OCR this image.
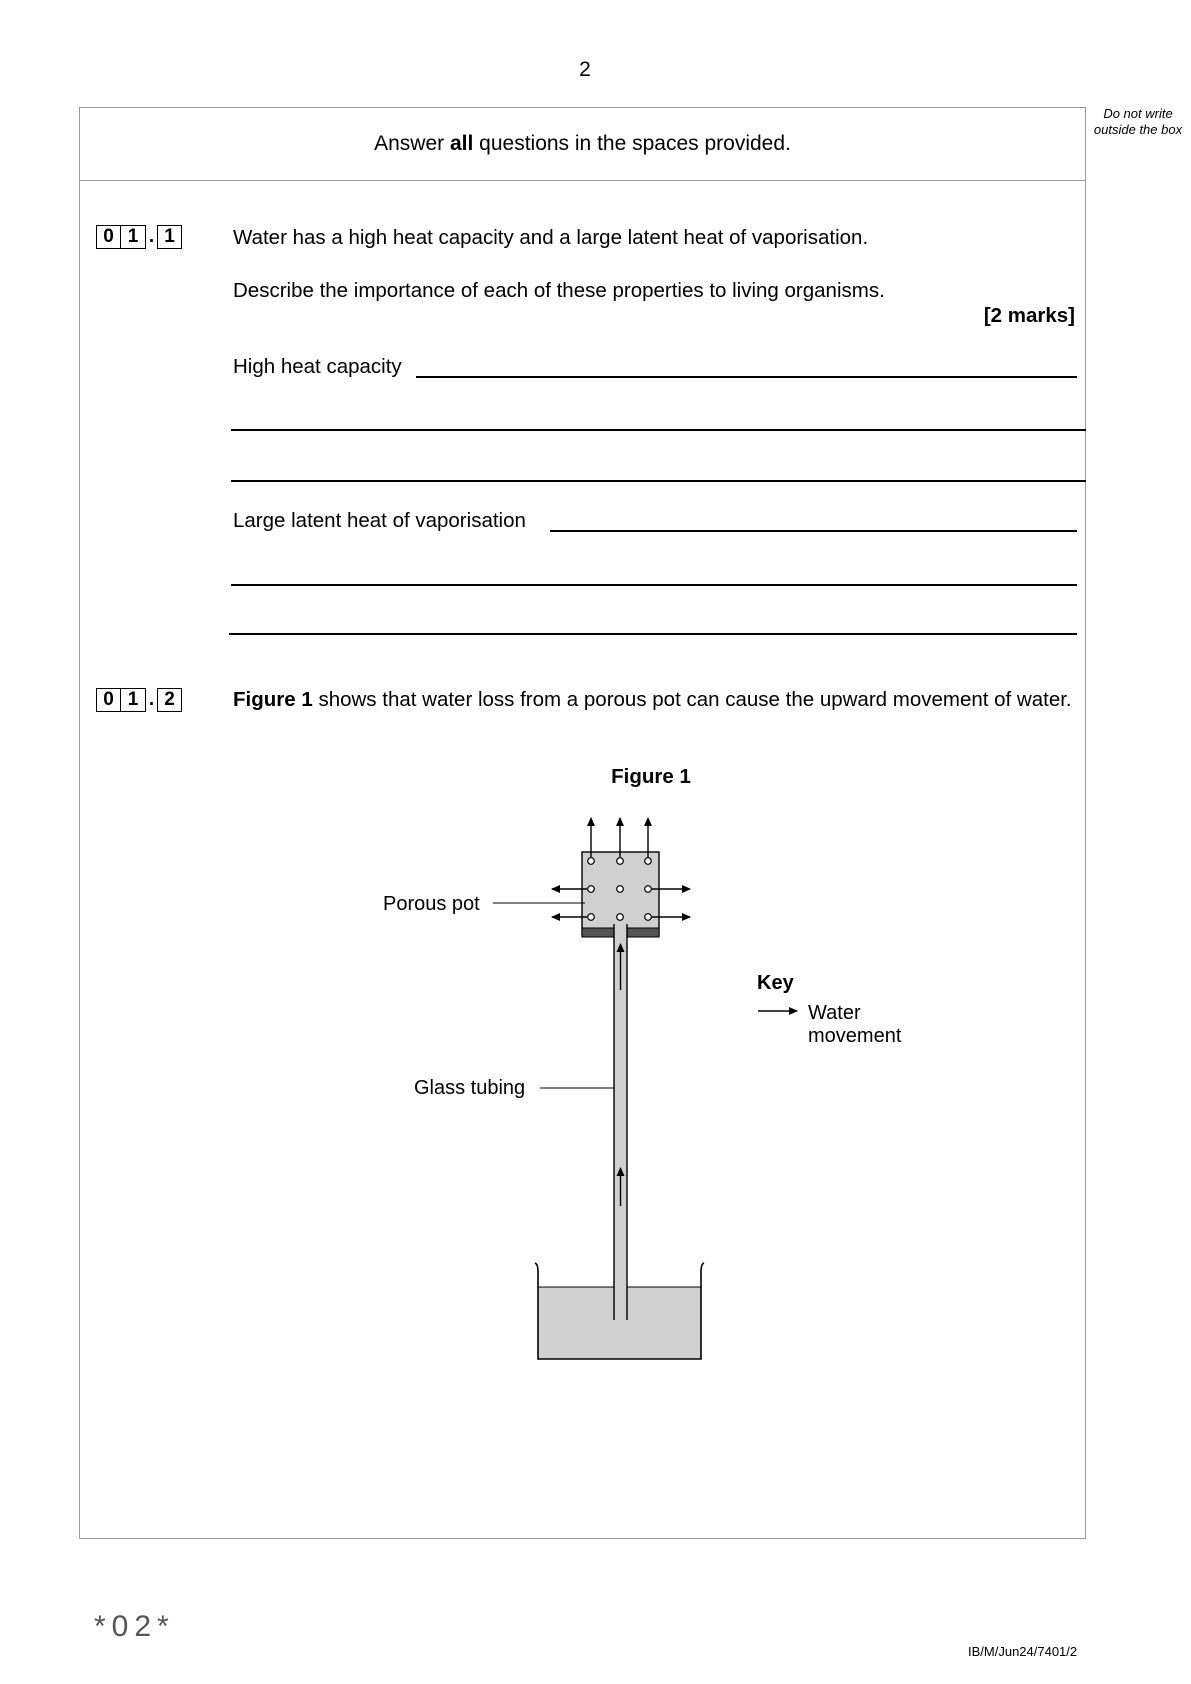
2
Do not write outside the box
Answer all questions in the spaces provided.
0 1 . 1	Water has a high heat capacity and a large latent heat of vaporisation.
Describe the importance of each of these properties to living organisms.
[2 marks]
High heat capacity
Large latent heat of vaporisation
0 1 . 2	Figure 1 shows that water loss from a porous pot can cause the upward movement of water.
Figure 1
Porous pot
Glass tubing
Key
Water
movement
*02*
IB/M/Jun24/7401/2
